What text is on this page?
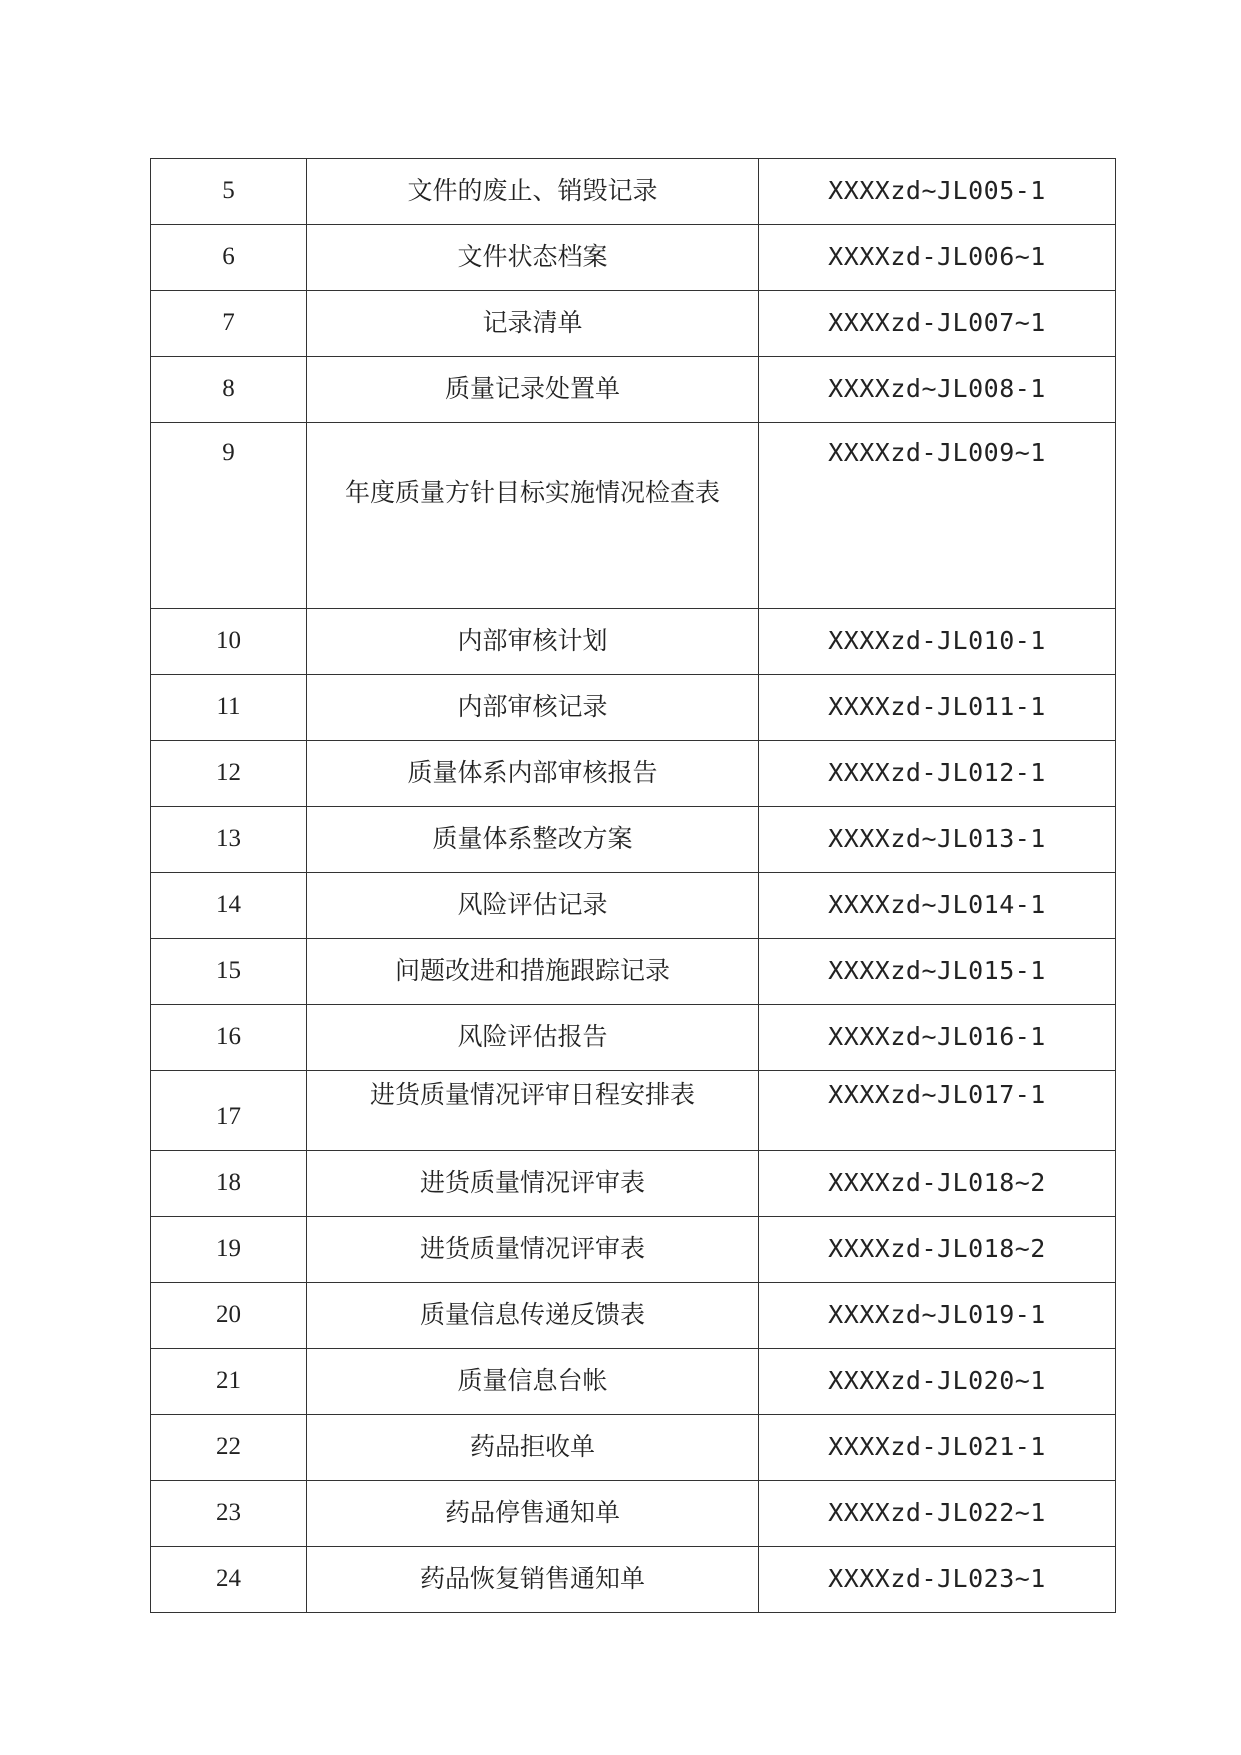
5	文件的废止、销毁记录	XXXXzd~JL005-1
6	文件状态档案	XXXXzd-JL006~1
7	记录清单	XXXXzd-JL007~1
8	质量记录处置单	XXXXzd~JL008-1
9	年度质量方针目标实施情况检查表	XXXXzd-JL009~1
10	内部审核计划	XXXXzd-JL010-1
11	内部审核记录	XXXXzd-JL011-1
12	质量体系内部审核报告	XXXXzd-JL012-1
13	质量体系整改方案	XXXXzd~JL013-1
14	风险评估记录	XXXXzd~JL014-1
15	问题改进和措施跟踪记录	XXXXzd~JL015-1
16	风险评估报告	XXXXzd~JL016-1
17	进货质量情况评审日程安排表	XXXXzd~JL017-1
18	进货质量情况评审表	XXXXzd-JL018~2
19	进货质量情况评审表	XXXXzd-JL018~2
20	质量信息传递反馈表	XXXXzd~JL019-1
21	质量信息台帐	XXXXzd-JL020~1
22	药品拒收单	XXXXzd-JL021-1
23	药品停售通知单	XXXXzd-JL022~1
24	药品恢复销售通知单	XXXXzd-JL023~1
